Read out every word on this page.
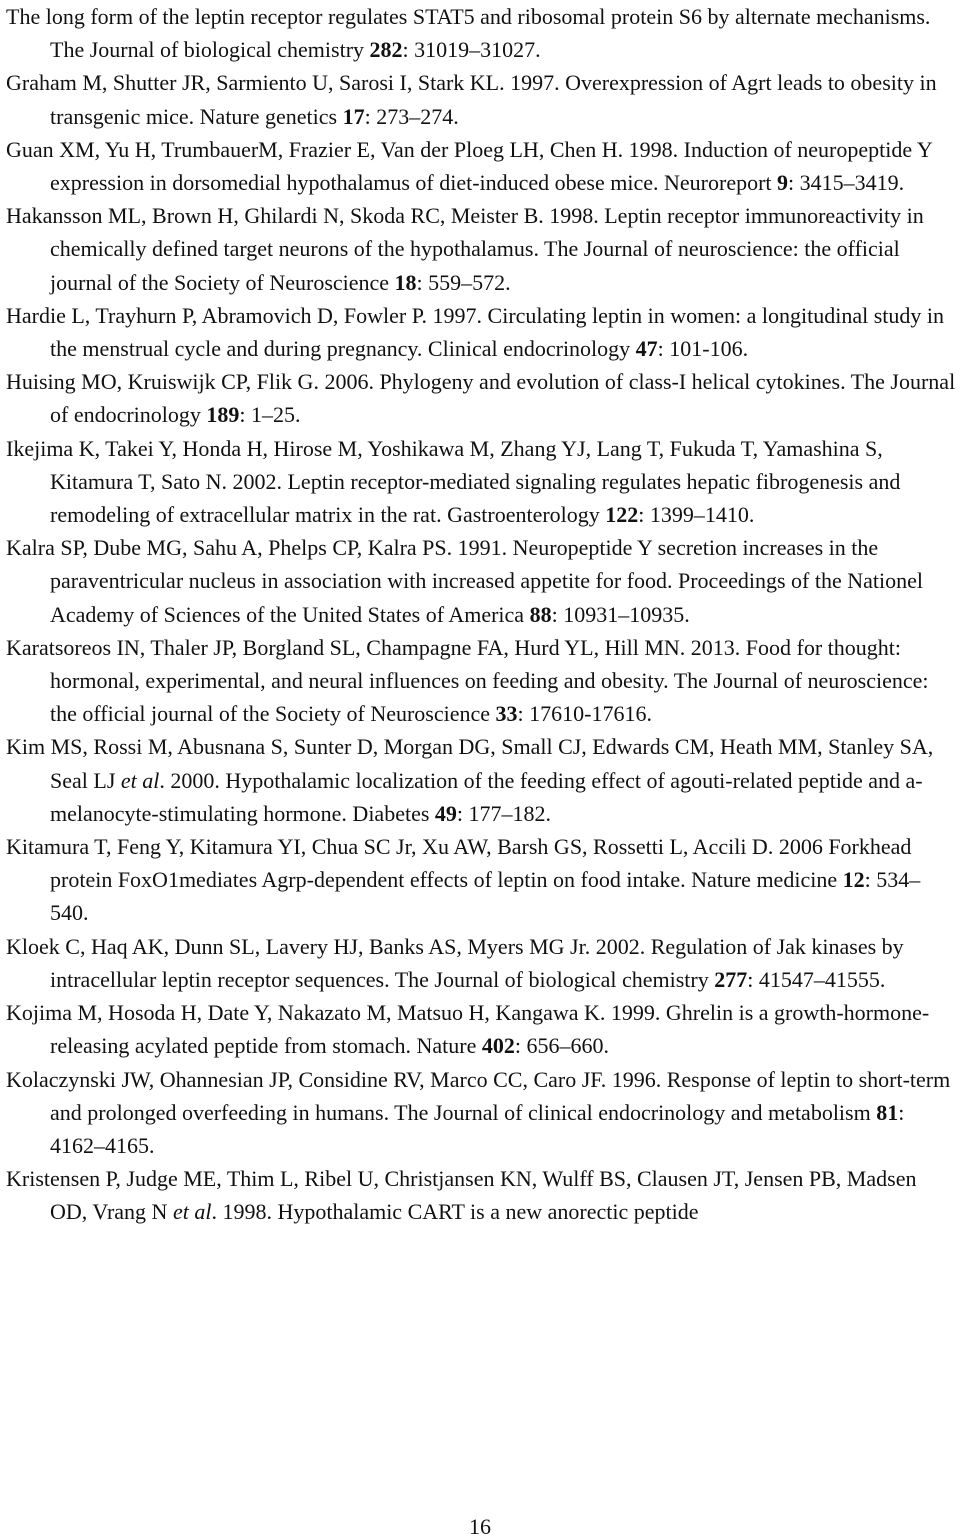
The long form of the leptin receptor regulates STAT5 and ribosomal protein S6 by alternate mechanisms. The Journal of biological chemistry 282: 31019–31027.

Graham M, Shutter JR, Sarmiento U, Sarosi I, Stark KL. 1997. Overexpression of Agrt leads to obesity in transgenic mice. Nature genetics 17: 273–274.

Guan XM, Yu H, TrumbauerM, Frazier E, Van der Ploeg LH, Chen H. 1998. Induction of neuropeptide Y expression in dorsomedial hypothalamus of diet-induced obese mice. Neuroreport 9: 3415–3419.

Hakansson ML, Brown H, Ghilardi N, Skoda RC, Meister B. 1998. Leptin receptor immunoreactivity in chemically defined target neurons of the hypothalamus. The Journal of neuroscience: the official journal of the Society of Neuroscience 18: 559–572.

Hardie L, Trayhurn P, Abramovich D, Fowler P. 1997. Circulating leptin in women: a longitudinal study in the menstrual cycle and during pregnancy. Clinical endocrinology 47: 101-106.

Huising MO, Kruiswijk CP, Flik G. 2006. Phylogeny and evolution of class-I helical cytokines. The Journal of endocrinology 189: 1–25.

Ikejima K, Takei Y, Honda H, Hirose M, Yoshikawa M, Zhang YJ, Lang T, Fukuda T, Yamashina S, Kitamura T, Sato N. 2002. Leptin receptor-mediated signaling regulates hepatic fibrogenesis and remodeling of extracellular matrix in the rat. Gastroenterology 122: 1399–1410.

Kalra SP, Dube MG, Sahu A, Phelps CP, Kalra PS. 1991. Neuropeptide Y secretion increases in the paraventricular nucleus in association with increased appetite for food. Proceedings of the Nationel Academy of Sciences of the United States of America 88: 10931–10935.

Karatsoreos IN, Thaler JP, Borgland SL, Champagne FA, Hurd YL, Hill MN. 2013. Food for thought: hormonal, experimental, and neural influences on feeding and obesity. The Journal of neuroscience: the official journal of the Society of Neuroscience 33: 17610-17616.

Kim MS, Rossi M, Abusnana S, Sunter D, Morgan DG, Small CJ, Edwards CM, Heath MM, Stanley SA, Seal LJ et al. 2000. Hypothalamic localization of the feeding effect of agouti-related peptide and a-melanocyte-stimulating hormone. Diabetes 49: 177–182.

Kitamura T, Feng Y, Kitamura YI, Chua SC Jr, Xu AW, Barsh GS, Rossetti L, Accili D. 2006 Forkhead protein FoxO1mediates Agrp-dependent effects of leptin on food intake. Nature medicine 12: 534–540.

Kloek C, Haq AK, Dunn SL, Lavery HJ, Banks AS, Myers MG Jr. 2002. Regulation of Jak kinases by intracellular leptin receptor sequences. The Journal of biological chemistry 277: 41547–41555.

Kojima M, Hosoda H, Date Y, Nakazato M, Matsuo H, Kangawa K. 1999. Ghrelin is a growth-hormone-releasing acylated peptide from stomach. Nature 402: 656–660.

Kolaczynski JW, Ohannesian JP, Considine RV, Marco CC, Caro JF. 1996. Response of leptin to short-term and prolonged overfeeding in humans. The Journal of clinical endocrinology and metabolism 81: 4162–4165.

Kristensen P, Judge ME, Thim L, Ribel U, Christjansen KN, Wulff BS, Clausen JT, Jensen PB, Madsen OD, Vrang N et al. 1998. Hypothalamic CART is a new anorectic peptide

16
